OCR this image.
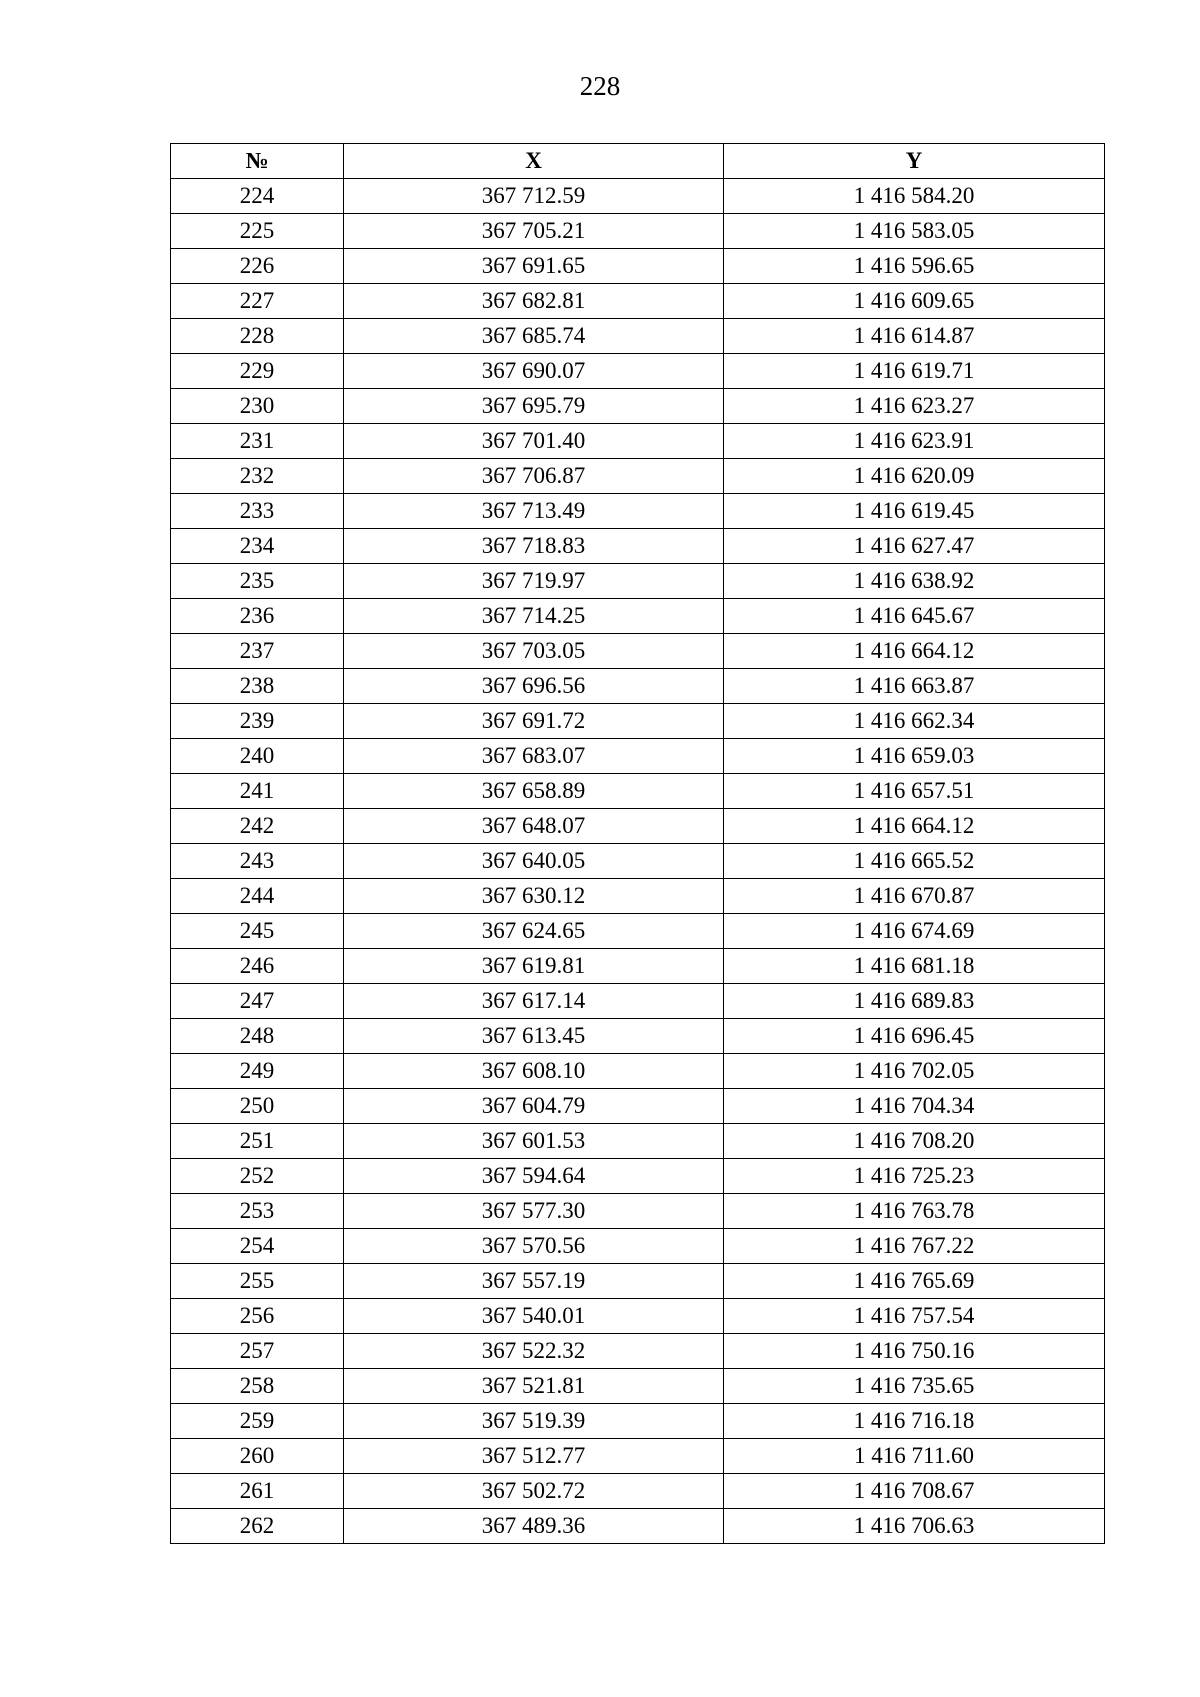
228
№	X	Y
224	367 712.59	1 416 584.20
225	367 705.21	1 416 583.05
226	367 691.65	1 416 596.65
227	367 682.81	1 416 609.65
228	367 685.74	1 416 614.87
229	367 690.07	1 416 619.71
230	367 695.79	1 416 623.27
231	367 701.40	1 416 623.91
232	367 706.87	1 416 620.09
233	367 713.49	1 416 619.45
234	367 718.83	1 416 627.47
235	367 719.97	1 416 638.92
236	367 714.25	1 416 645.67
237	367 703.05	1 416 664.12
238	367 696.56	1 416 663.87
239	367 691.72	1 416 662.34
240	367 683.07	1 416 659.03
241	367 658.89	1 416 657.51
242	367 648.07	1 416 664.12
243	367 640.05	1 416 665.52
244	367 630.12	1 416 670.87
245	367 624.65	1 416 674.69
246	367 619.81	1 416 681.18
247	367 617.14	1 416 689.83
248	367 613.45	1 416 696.45
249	367 608.10	1 416 702.05
250	367 604.79	1 416 704.34
251	367 601.53	1 416 708.20
252	367 594.64	1 416 725.23
253	367 577.30	1 416 763.78
254	367 570.56	1 416 767.22
255	367 557.19	1 416 765.69
256	367 540.01	1 416 757.54
257	367 522.32	1 416 750.16
258	367 521.81	1 416 735.65
259	367 519.39	1 416 716.18
260	367 512.77	1 416 711.60
261	367 502.72	1 416 708.67
262	367 489.36	1 416 706.63
